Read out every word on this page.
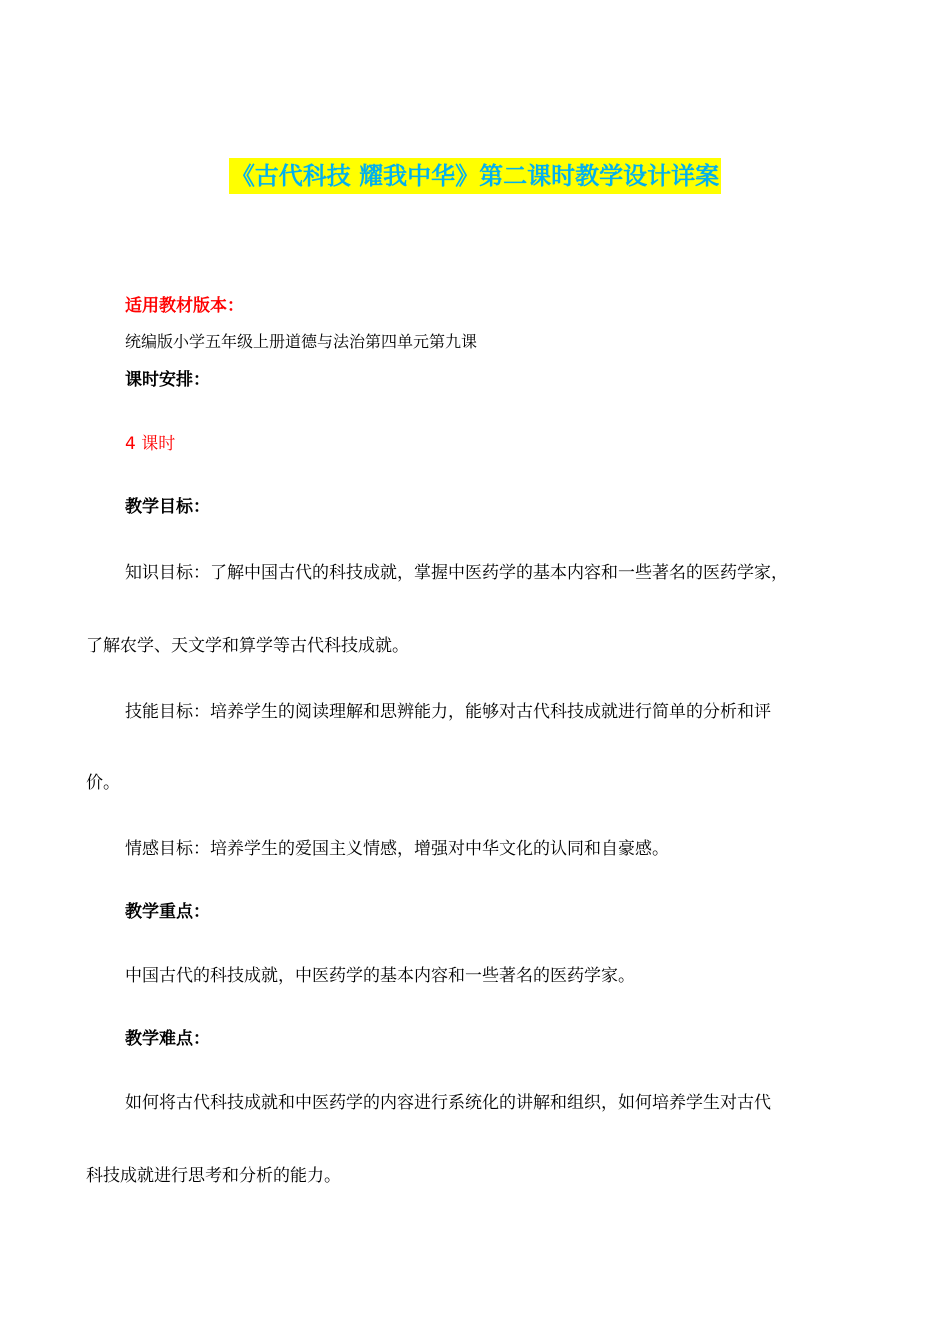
《古代科技 耀我中华》第二课时教学设计详案
适用教材版本：
统编版小学五年级上册道德与法治第四单元第九课
课时安排：
4 课时
教学目标：
知识目标：了解中国古代的科技成就，掌握中医药学的基本内容和一些著名的医药学家，
了解农学、天文学和算学等古代科技成就。
技能目标：培养学生的阅读理解和思辨能力，能够对古代科技成就进行简单的分析和评
价。
情感目标：培养学生的爱国主义情感，增强对中华文化的认同和自豪感。
教学重点：
中国古代的科技成就，中医药学的基本内容和一些著名的医药学家。
教学难点：
如何将古代科技成就和中医药学的内容进行系统化的讲解和组织，如何培养学生对古代
科技成就进行思考和分析的能力。
